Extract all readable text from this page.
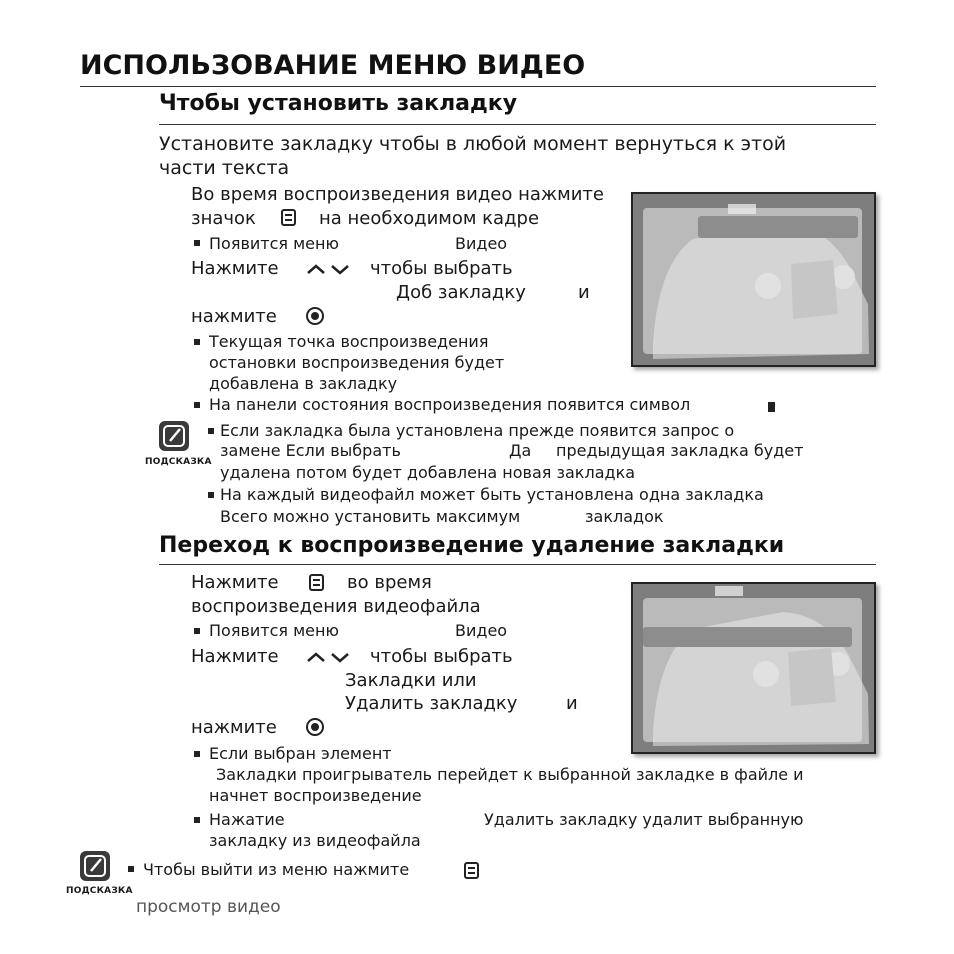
ИСПОЛЬЗОВАНИЕ МЕНЮ ВИДЕО
Чтобы установить закладку
Установите закладку чтобы в любой момент вернуться к этой
части текста
Во время воспроизведения видео нажмите
значок	на необходимом кадре
Появится меню	Видео
Нажмите	чтобы выбрать
Доб закладку	и
нажмите
Текущая точка воспроизведения
остановки воспроизведения будет
добавлена в закладку
На панели состояния воспроизведения появится символ
ПОДСКАЗКА
Если закладка была установлена прежде появится запрос о
замене Если выбрать	Да предыдущая закладка будет
удалена потом будет добавлена новая закладка
На каждый видеофайл может быть установлена одна закладка
Всего можно установить максимум	закладок
Переход к воспроизведение удаление закладки
Нажмите	во время
воспроизведения видеофайла
Появится меню	Видео
Нажмите	чтобы выбрать
Закладки или
Удалить закладку	и
нажмите
Если выбран элемент
Закладки проигрыватель перейдет к выбранной закладке в файле и
начнет воспроизведение
Нажатие	Удалить закладку удалит выбранную
закладку из видеофайла
ПОДСКАЗКА
Чтобы выйти из меню нажмите
просмотр видео
